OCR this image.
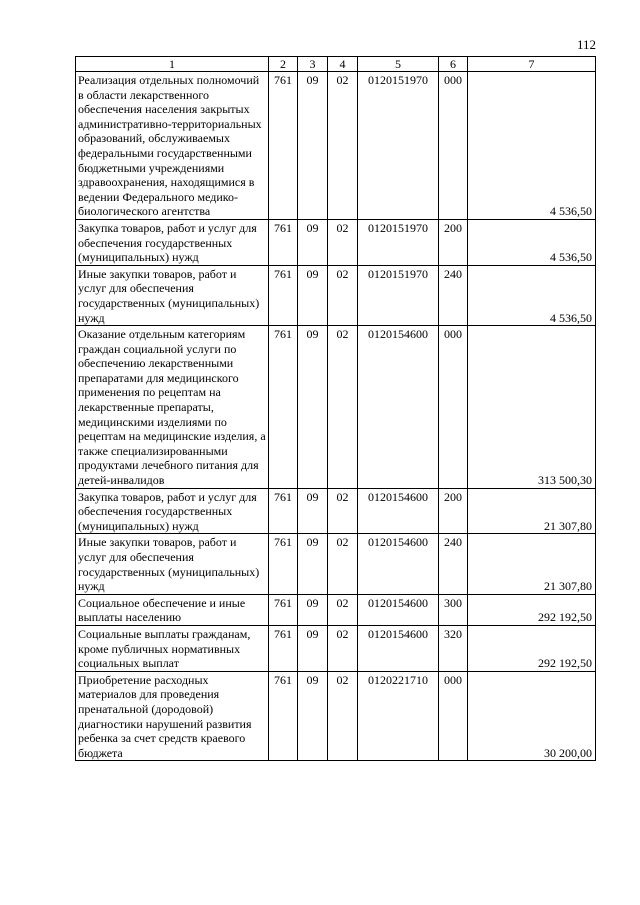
112
1	2	3	4	5	6	7
Реализация отдельных полномочий в области лекарственного обеспечения населения закрытых административно-территориальных образований, обслуживаемых федеральными государственными бюджетными учреждениями здравоохранения, находящимися в ведении Федерального медико-биологического агентства	761	09	02	0120151970	000	4 536,50
Закупка товаров, работ и услуг для обеспечения государственных (муниципальных) нужд	761	09	02	0120151970	200	4 536,50
Иные закупки товаров, работ и услуг для обеспечения государственных (муниципальных) нужд	761	09	02	0120151970	240	4 536,50
Оказание отдельным категориям граждан социальной услуги по обеспечению лекарственными препаратами для медицинского применения по рецептам на лекарственные препараты, медицинскими изделиями по рецептам на медицинские изделия, а также специализированными продуктами лечебного питания для детей-инвалидов	761	09	02	0120154600	000	313 500,30
Закупка товаров, работ и услуг для обеспечения государственных (муниципальных) нужд	761	09	02	0120154600	200	21 307,80
Иные закупки товаров, работ и услуг для обеспечения государственных (муниципальных) нужд	761	09	02	0120154600	240	21 307,80
Социальное обеспечение и иные выплаты населению	761	09	02	0120154600	300	292 192,50
Социальные выплаты гражданам, кроме публичных нормативных социальных выплат	761	09	02	0120154600	320	292 192,50
Приобретение расходных материалов для проведения пренатальной (дородовой) диагностики нарушений развития ребенка за счет средств краевого бюджета	761	09	02	0120221710	000	30 200,00
